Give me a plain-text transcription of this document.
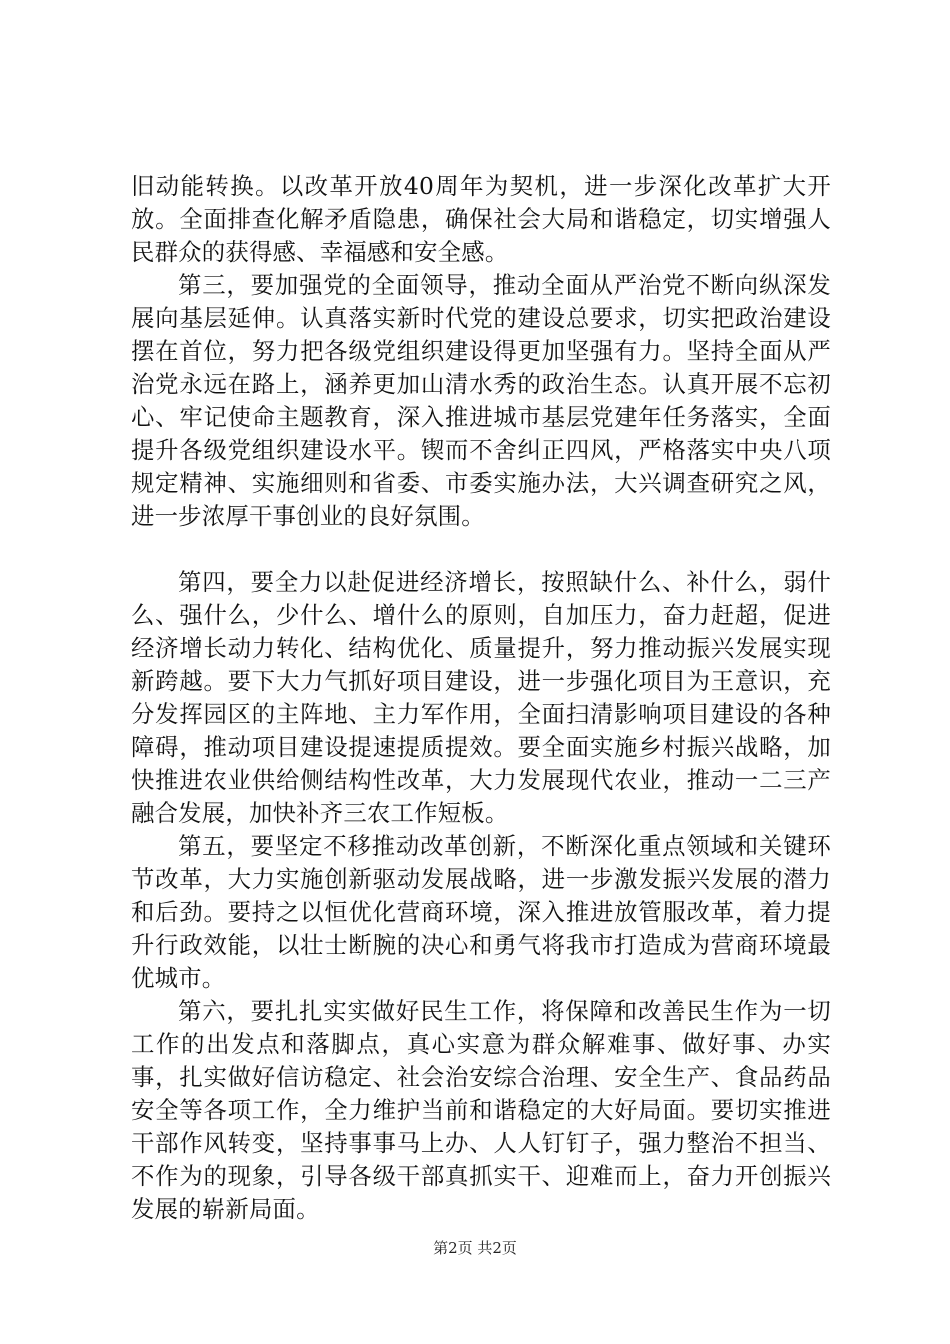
旧动能转换。以改革开放40周年为契机，进一步深化改革扩大开放。全面排查化解矛盾隐患，确保社会大局和谐稳定，切实增强人民群众的获得感、幸福感和安全感。

第三，要加强党的全面领导，推动全面从严治党不断向纵深发展向基层延伸。认真落实新时代党的建设总要求，切实把政治建设摆在首位，努力把各级党组织建设得更加坚强有力。坚持全面从严治党永远在路上，涵养更加山清水秀的政治生态。认真开展不忘初心、牢记使命主题教育，深入推进城市基层党建年任务落实，全面提升各级党组织建设水平。锲而不舍纠正四风，严格落实中央八项规定精神、实施细则和省委、市委实施办法，大兴调查研究之风，进一步浓厚干事创业的良好氛围。

第四，要全力以赴促进经济增长，按照缺什么、补什么，弱什么、强什么，少什么、增什么的原则，自加压力，奋力赶超，促进经济增长动力转化、结构优化、质量提升，努力推动振兴发展实现新跨越。要下大力气抓好项目建设，进一步强化项目为王意识，充分发挥园区的主阵地、主力军作用，全面扫清影响项目建设的各种障碍，推动项目建设提速提质提效。要全面实施乡村振兴战略，加快推进农业供给侧结构性改革，大力发展现代农业，推动一二三产融合发展，加快补齐三农工作短板。

第五，要坚定不移推动改革创新，不断深化重点领域和关键环节改革，大力实施创新驱动发展战略，进一步激发振兴发展的潜力和后劲。要持之以恒优化营商环境，深入推进放管服改革，着力提升行政效能，以壮士断腕的决心和勇气将我市打造成为营商环境最优城市。

第六，要扎扎实实做好民生工作，将保障和改善民生作为一切工作的出发点和落脚点，真心实意为群众解难事、做好事、办实事，扎实做好信访稳定、社会治安综合治理、安全生产、食品药品安全等各项工作，全力维护当前和谐稳定的大好局面。要切实推进干部作风转变，坚持事事马上办、人人钉钉子，强力整治不担当、不作为的现象，引导各级干部真抓实干、迎难而上，奋力开创振兴发展的崭新局面。

第2页 共2页
